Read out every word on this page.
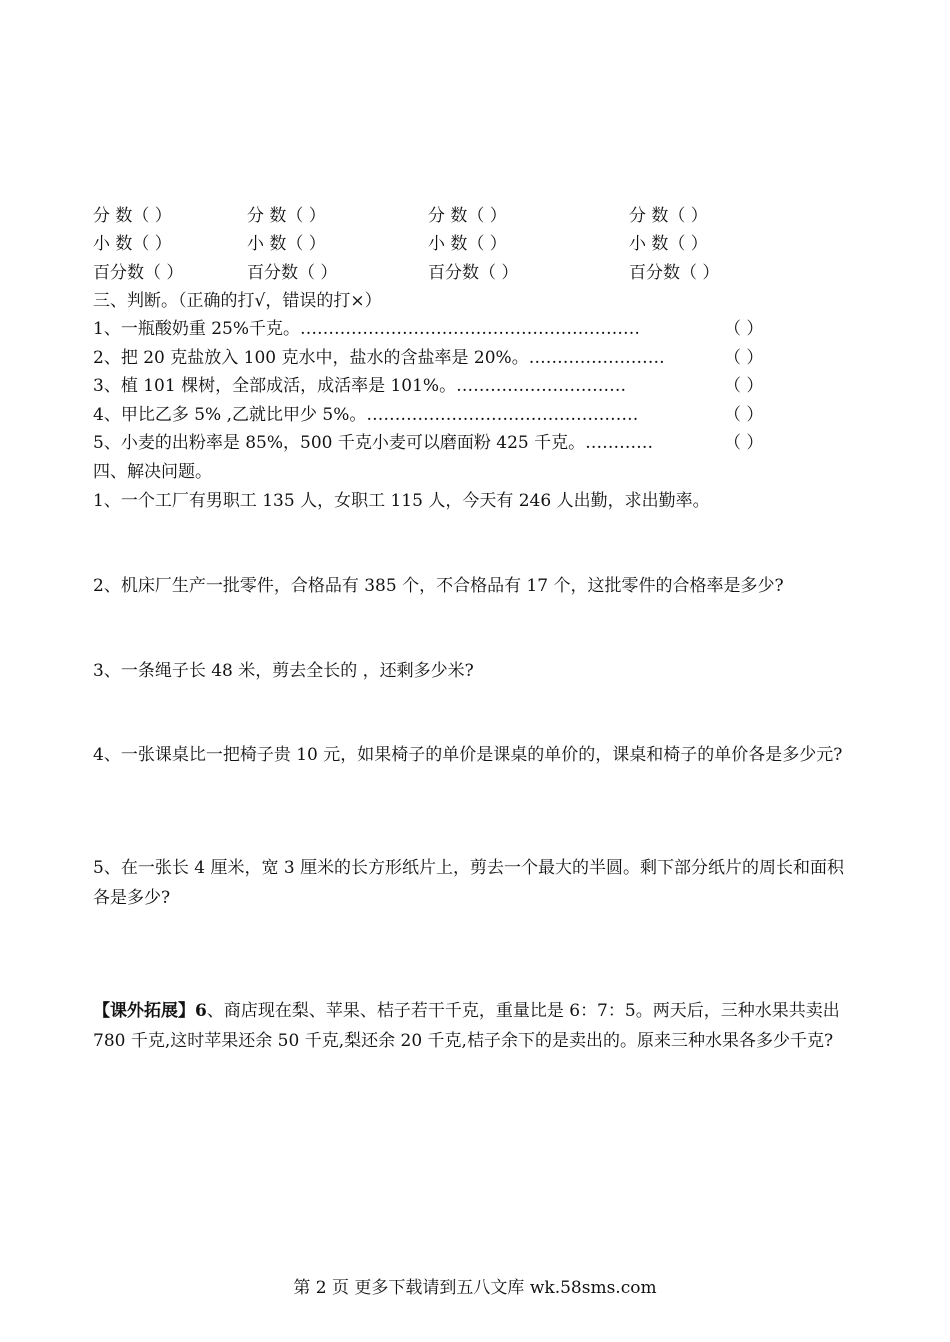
分 数（ ）	分 数（ ）	分 数（ ）	分 数（ ）
小 数（ ）	小 数（ ）	小 数（ ）	小 数（ ）
百分数（ ）	百分数（ ）	百分数（ ）	百分数（ ）
三、判断。（正确的打√，错误的打×）
1、一瓶酸奶重 25%千克。……………………………………………………	（ ）
2、把 20 克盐放入 100 克水中，盐水的含盐率是 20%。……………………	（ ）
3、植 101 棵树，全部成活，成活率是 101%。…………………………	（ ）
4、甲比乙多 5% ,乙就比甲少 5%。…………………………………………	（ ）
5、小麦的出粉率是 85%，500 千克小麦可以磨面粉 425 千克。…………	（ ）
四、解决问题。
1、一个工厂有男职工 135 人，女职工 115 人，今天有 246 人出勤，求出勤率。
2、机床厂生产一批零件，合格品有 385 个，不合格品有 17 个，这批零件的合格率是多少?
3、一条绳子长 48 米，剪去全长的 ，还剩多少米?
4、一张课桌比一把椅子贵 10 元，如果椅子的单价是课桌的单价的，课桌和椅子的单价各是多少元?
5、在一张长 4 厘米，宽 3 厘米的长方形纸片上，剪去一个最大的半圆。剩下部分纸片的周长和面积各是多少?
【课外拓展】6、商店现在梨、苹果、桔子若干千克，重量比是 6：7：5。两天后，三种水果共卖出 780 千克,这时苹果还余 50 千克,梨还余 20 千克,桔子余下的是卖出的。原来三种水果各多少千克?
第 2 页 更多下载请到五八文库 wk.58sms.com
